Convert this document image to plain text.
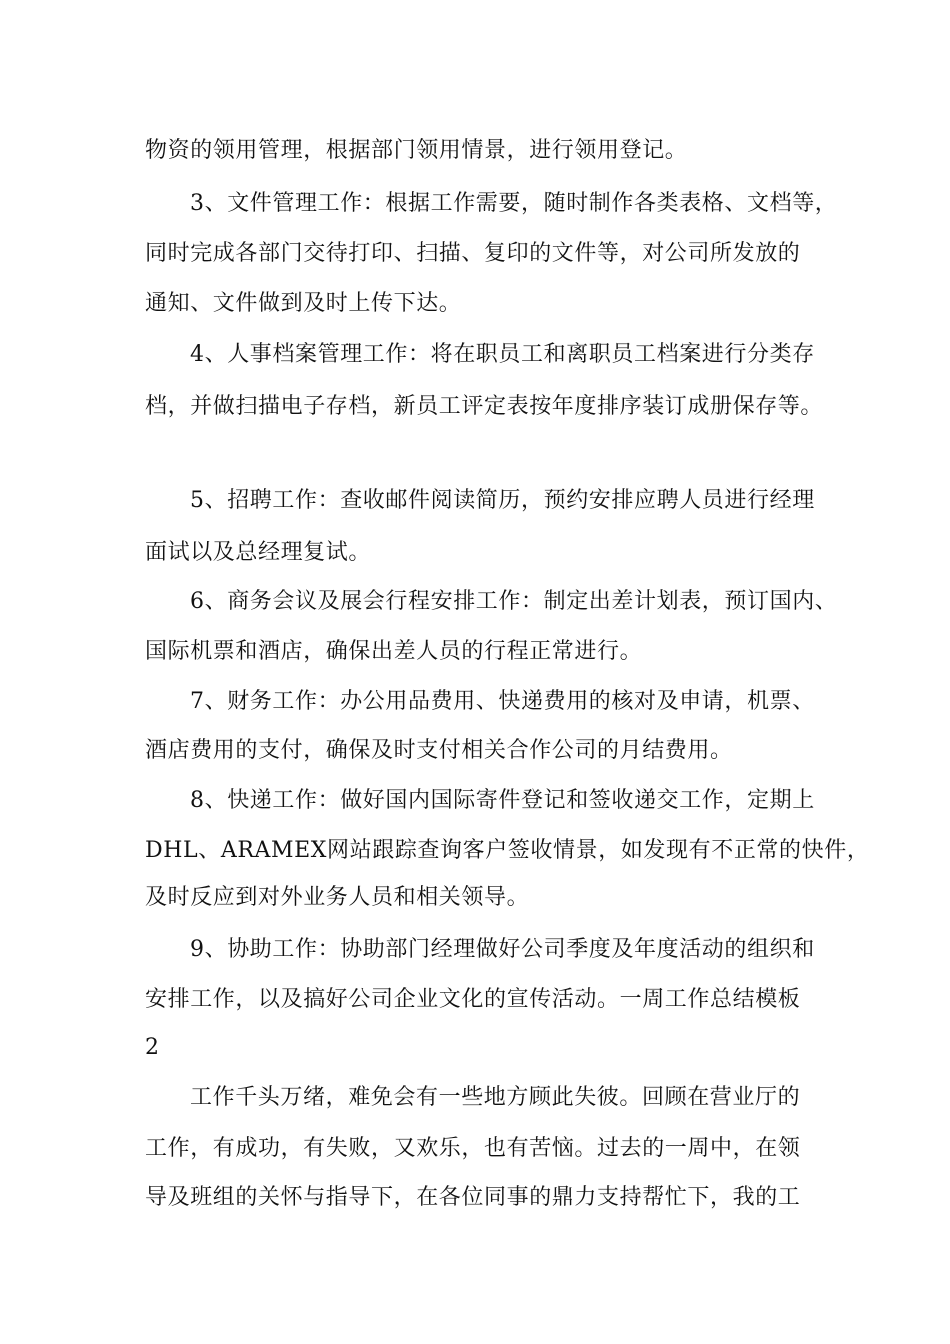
物资的领用管理，根据部门领用情景，进行领用登记。
3、文件管理工作：根据工作需要，随时制作各类表格、文档等，
同时完成各部门交待打印、扫描、复印的文件等，对公司所发放的
通知、文件做到及时上传下达。
4、人事档案管理工作：将在职员工和离职员工档案进行分类存
档，并做扫描电子存档，新员工评定表按年度排序装订成册保存等。
5、招聘工作：查收邮件阅读简历，预约安排应聘人员进行经理
面试以及总经理复试。
6、商务会议及展会行程安排工作：制定出差计划表，预订国内、
国际机票和酒店，确保出差人员的行程正常进行。
7、财务工作：办公用品费用、快递费用的核对及申请，机票、
酒店费用的支付，确保及时支付相关合作公司的月结费用。
8、快递工作：做好国内国际寄件登记和签收递交工作，定期上
DHL、ARAMEX网站跟踪查询客户签收情景，如发现有不正常的快件，
及时反应到对外业务人员和相关领导。
9、协助工作：协助部门经理做好公司季度及年度活动的组织和
安排工作，以及搞好公司企业文化的宣传活动。一周工作总结模板
2
工作千头万绪，难免会有一些地方顾此失彼。回顾在营业厅的
工作，有成功，有失败，又欢乐，也有苦恼。过去的一周中，在领
导及班组的关怀与指导下，在各位同事的鼎力支持帮忙下，我的工
